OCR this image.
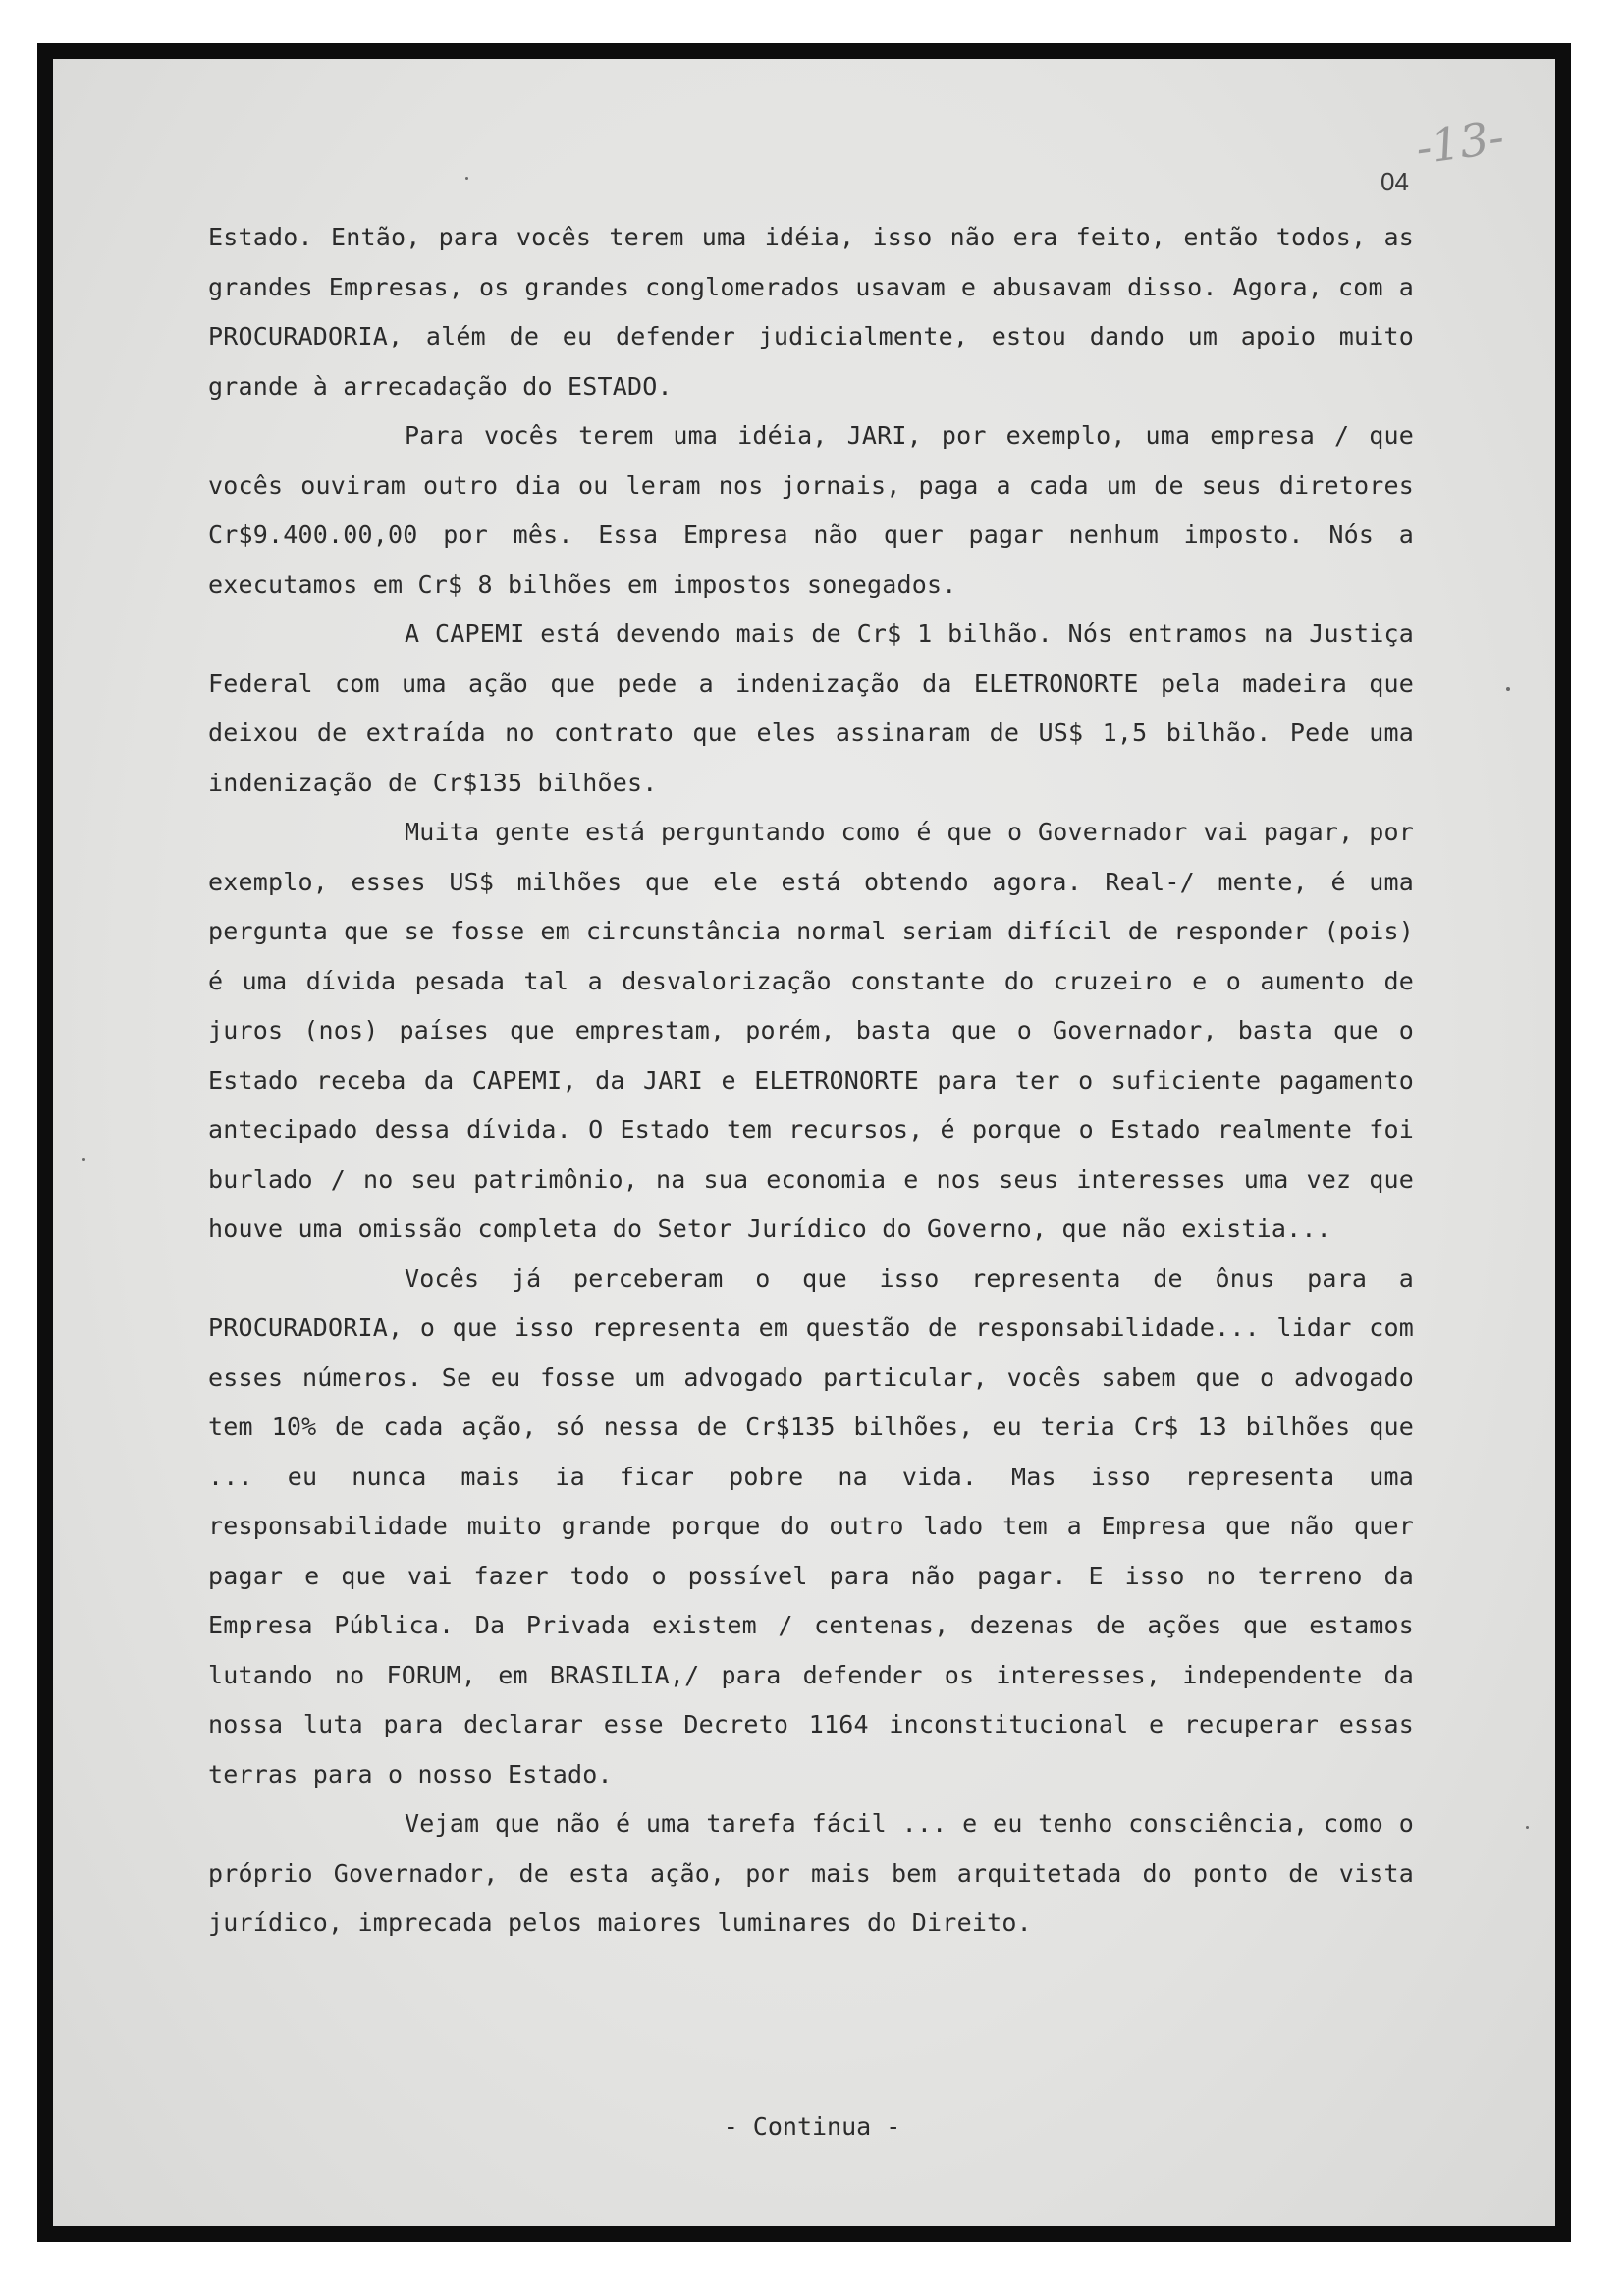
-13-
04

Estado. Então, para vocês terem uma idéia, isso não era feito, então todos, as grandes Empresas, os grandes conglomerados usavam e abusavam disso. Agora, com a PROCURADORIA, além de eu defender judicialmente, estou dando um apoio muito grande à arrecadação do ESTADO.

Para vocês terem uma idéia, JARI, por exemplo, uma empresa / que vocês ouviram outro dia ou leram nos jornais, paga a cada um de seus diretores Cr$9.400.00,00 por mês. Essa Empresa não quer pagar nenhum imposto. Nós a executamos em Cr$ 8 bilhões em impostos sonegados.

A CAPEMI está devendo mais de Cr$ 1 bilhão. Nós entramos na Justiça Federal com uma ação que pede a indenização da ELETRONORTE pela madeira que deixou de extraída no contrato que eles assinaram de US$ 1,5 bilhão. Pede uma indenização de Cr$135 bilhões.

Muita gente está perguntando como é que o Governador vai pagar, por exemplo, esses US$ milhões que ele está obtendo agora. Real-/ mente, é uma pergunta que se fosse em circunstância normal seriam difícil de responder (pois) é uma dívida pesada tal a desvalorização constante do cruzeiro e o aumento de juros (nos) países que emprestam, porém, basta que o Governador, basta que o Estado receba da CAPEMI, da JARI e ELETRONORTE para ter o suficiente pagamento antecipado dessa dívida. O Estado tem recursos, é porque o Estado realmente foi burlado / no seu patrimônio, na sua economia e nos seus interesses uma vez que houve uma omissão completa do Setor Jurídico do Governo, que não existia...

Vocês já perceberam o que isso representa de ônus para a PROCURADORIA, o que isso representa em questão de responsabilidade... lidar com esses números. Se eu fosse um advogado particular, vocês sabem que o advogado tem 10% de cada ação, só nessa de Cr$135 bilhões, eu teria Cr$ 13 bilhões que ... eu nunca mais ia ficar pobre na vida. Mas isso representa uma responsabilidade muito grande porque do outro lado tem a Empresa que não quer pagar e que vai fazer todo o possível para não pagar. E isso no terreno da Empresa Pública. Da Privada existem / centenas, dezenas de ações que estamos lutando no FORUM, em BRASILIA,/ para defender os interesses, independente da nossa luta para declarar esse Decreto 1164 inconstitucional e recuperar essas terras para o nosso Estado.

Vejam que não é uma tarefa fácil ... e eu tenho consciência, como o próprio Governador, de esta ação, por mais bem arquitetada do ponto de vista jurídico, imprecada pelos maiores luminares do Direito.

- Continua -
